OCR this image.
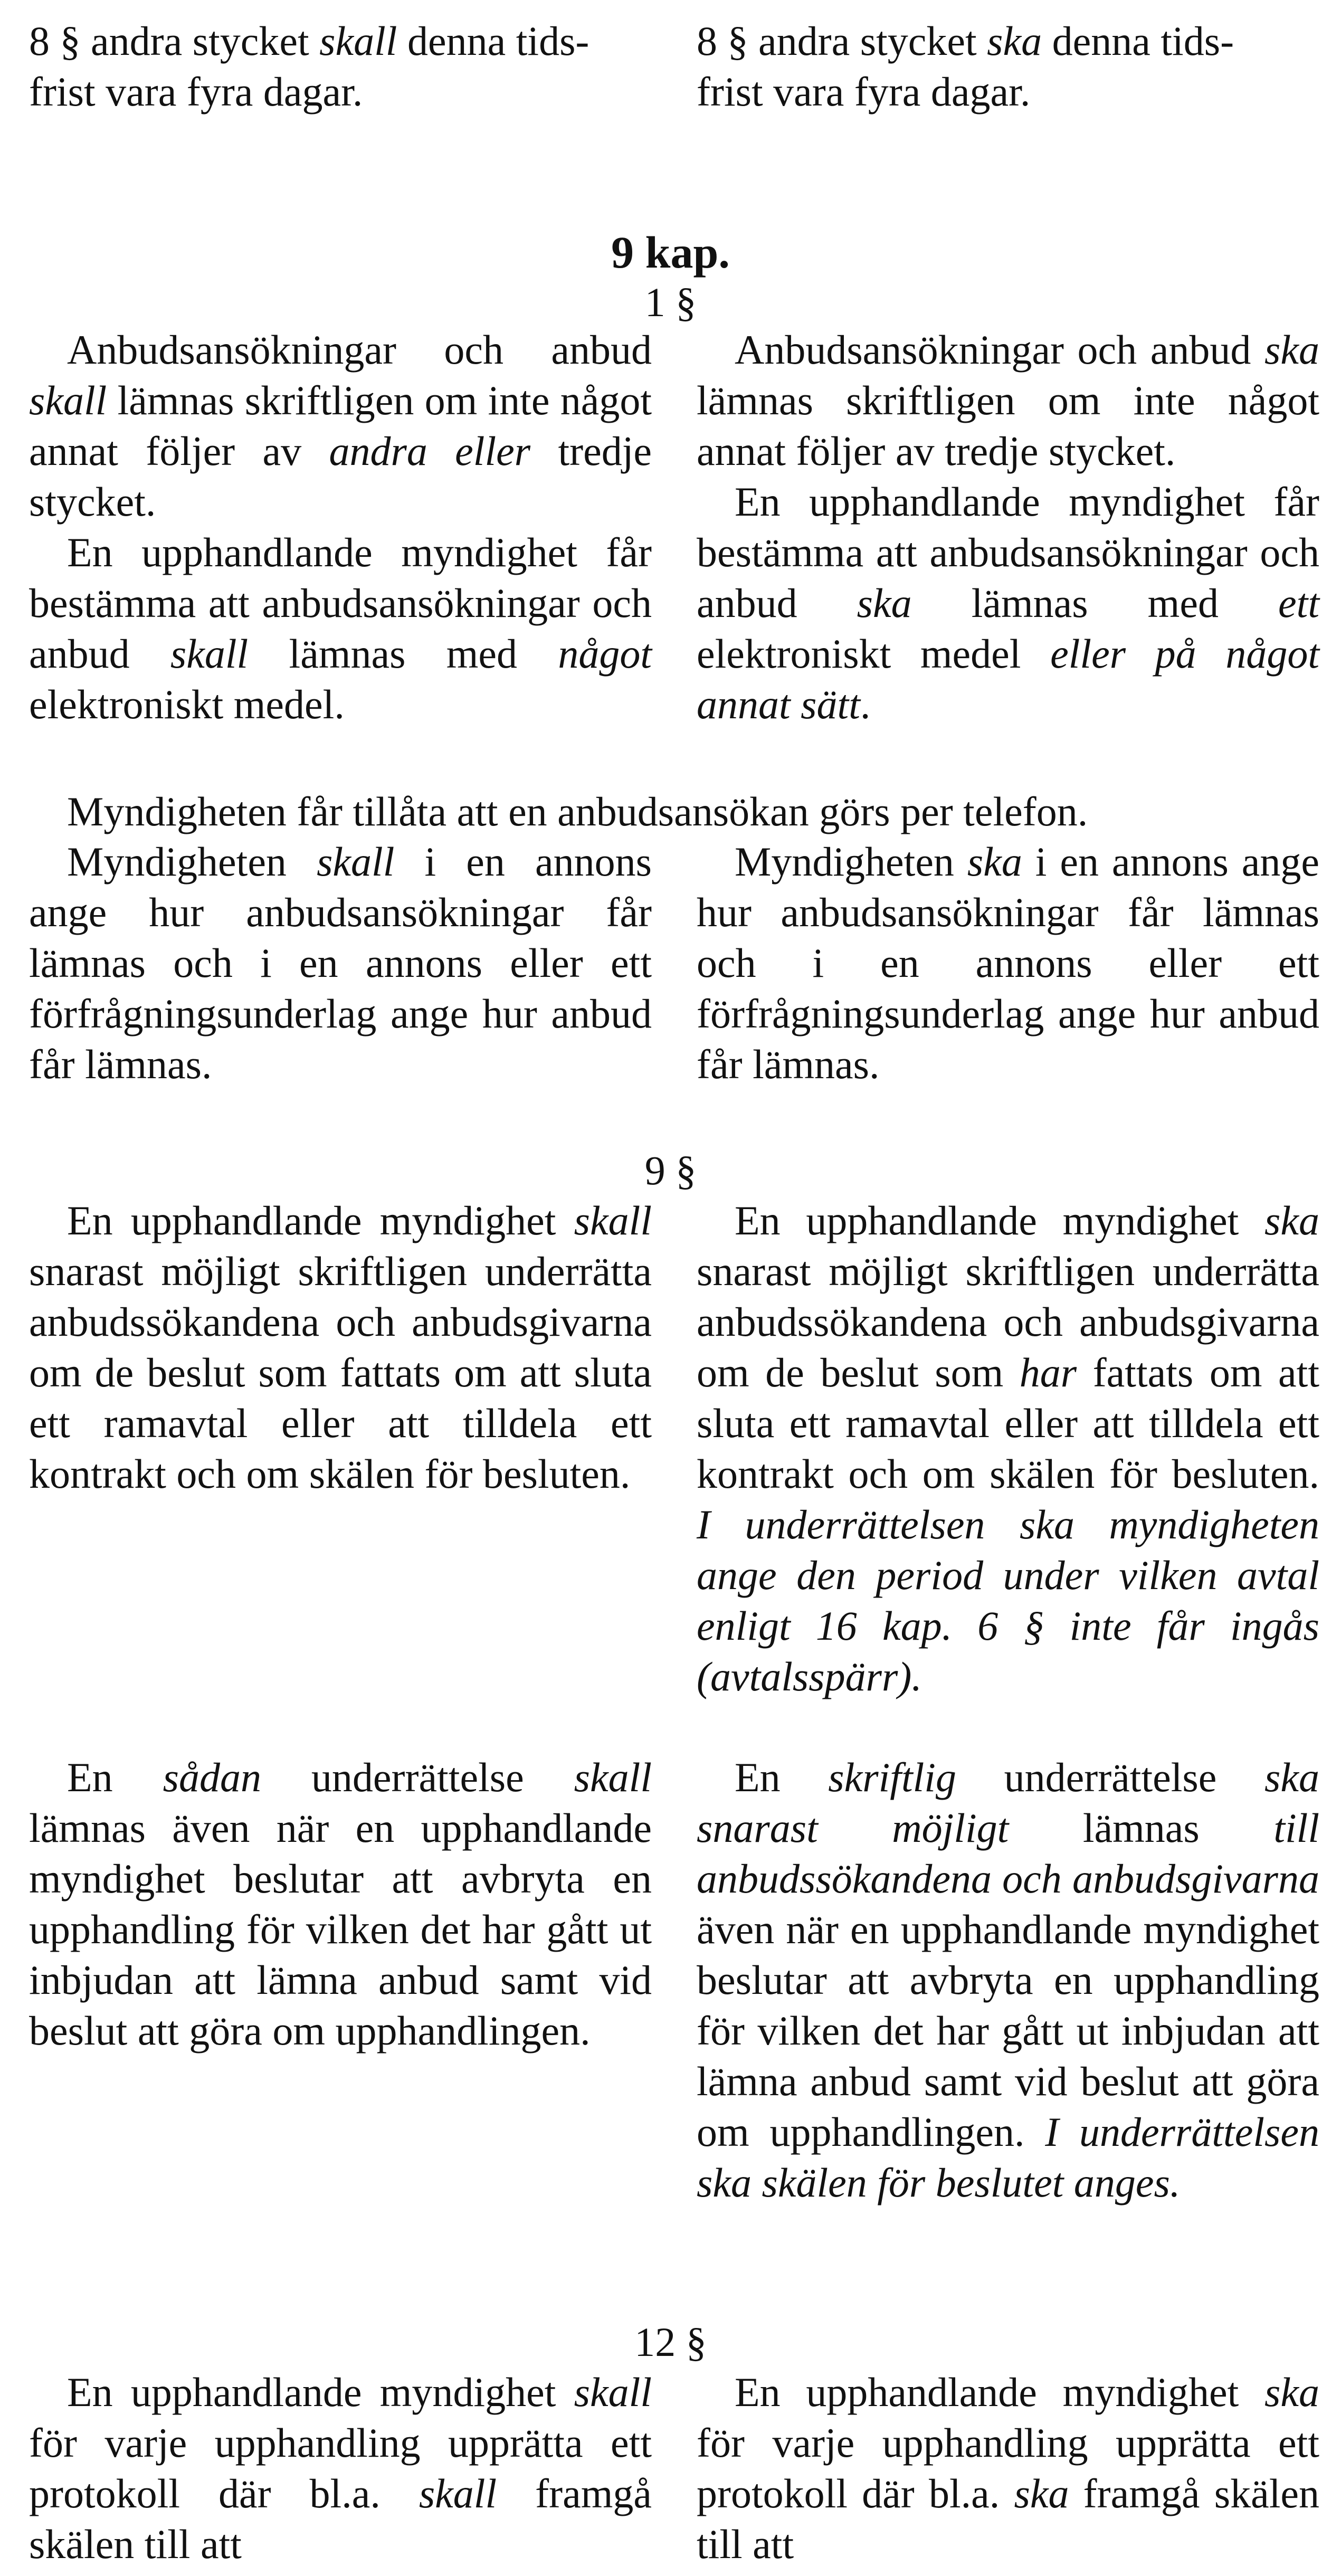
8 § andra stycket skall denna tids-
frist vara fyra dagar.

8 § andra stycket ska denna tids-
frist vara fyra dagar.

9 kap.
1 §

Anbudsansökningar och anbud skall lämnas skriftligen om inte något annat följer av andra eller tredje stycket.

En upphandlande myndighet får bestämma att anbudsansökningar och anbud skall lämnas med något elektroniskt medel.

Anbudsansökningar och anbud ska lämnas skriftligen om inte något annat följer av tredje stycket.

En upphandlande myndighet får bestämma att anbudsansökningar och anbud ska lämnas med ett elektroniskt medel eller på något annat sätt.

Myndigheten får tillåta att en anbudsansökan görs per telefon.

Myndigheten skall i en annons ange hur anbudsansökningar får lämnas och i en annons eller ett förfrågningsunderlag ange hur anbud får lämnas.

Myndigheten ska i en annons ange hur anbudsansökningar får lämnas och i en annons eller ett förfrågningsunderlag ange hur anbud får lämnas.

9 §

En upphandlande myndighet skall snarast möjligt skriftligen underrätta anbudssökandena och anbudsgivarna om de beslut som fattats om att sluta ett ramavtal eller att tilldela ett kontrakt och om skälen för besluten.

En upphandlande myndighet ska snarast möjligt skriftligen underrätta anbudssökandena och anbudsgivarna om de beslut som har fattats om att sluta ett ramavtal eller att tilldela ett kontrakt och om skälen för besluten. I underrättelsen ska myndigheten ange den period under vilken avtal enligt 16 kap. 6 § inte får ingås (avtalsspärr).

En sådan underrättelse skall lämnas även när en upphandlande myndighet beslutar att avbryta en upphandling för vilken det har gått ut inbjudan att lämna anbud samt vid beslut att göra om upphandlingen.

En skriftlig underrättelse ska snarast möjligt lämnas till anbudssökandena och anbudsgivarna även när en upphandlande myndighet beslutar att avbryta en upphandling för vilken det har gått ut inbjudan att lämna anbud samt vid beslut att göra om upphandlingen. I underrättelsen ska skälen för beslutet anges.

12 §

En upphandlande myndighet skall för varje upphandling upprätta ett protokoll där bl.a. skall framgå skälen till att

En upphandlande myndighet ska för varje upphandling upprätta ett protokoll där bl.a. ska framgå skälen till att
